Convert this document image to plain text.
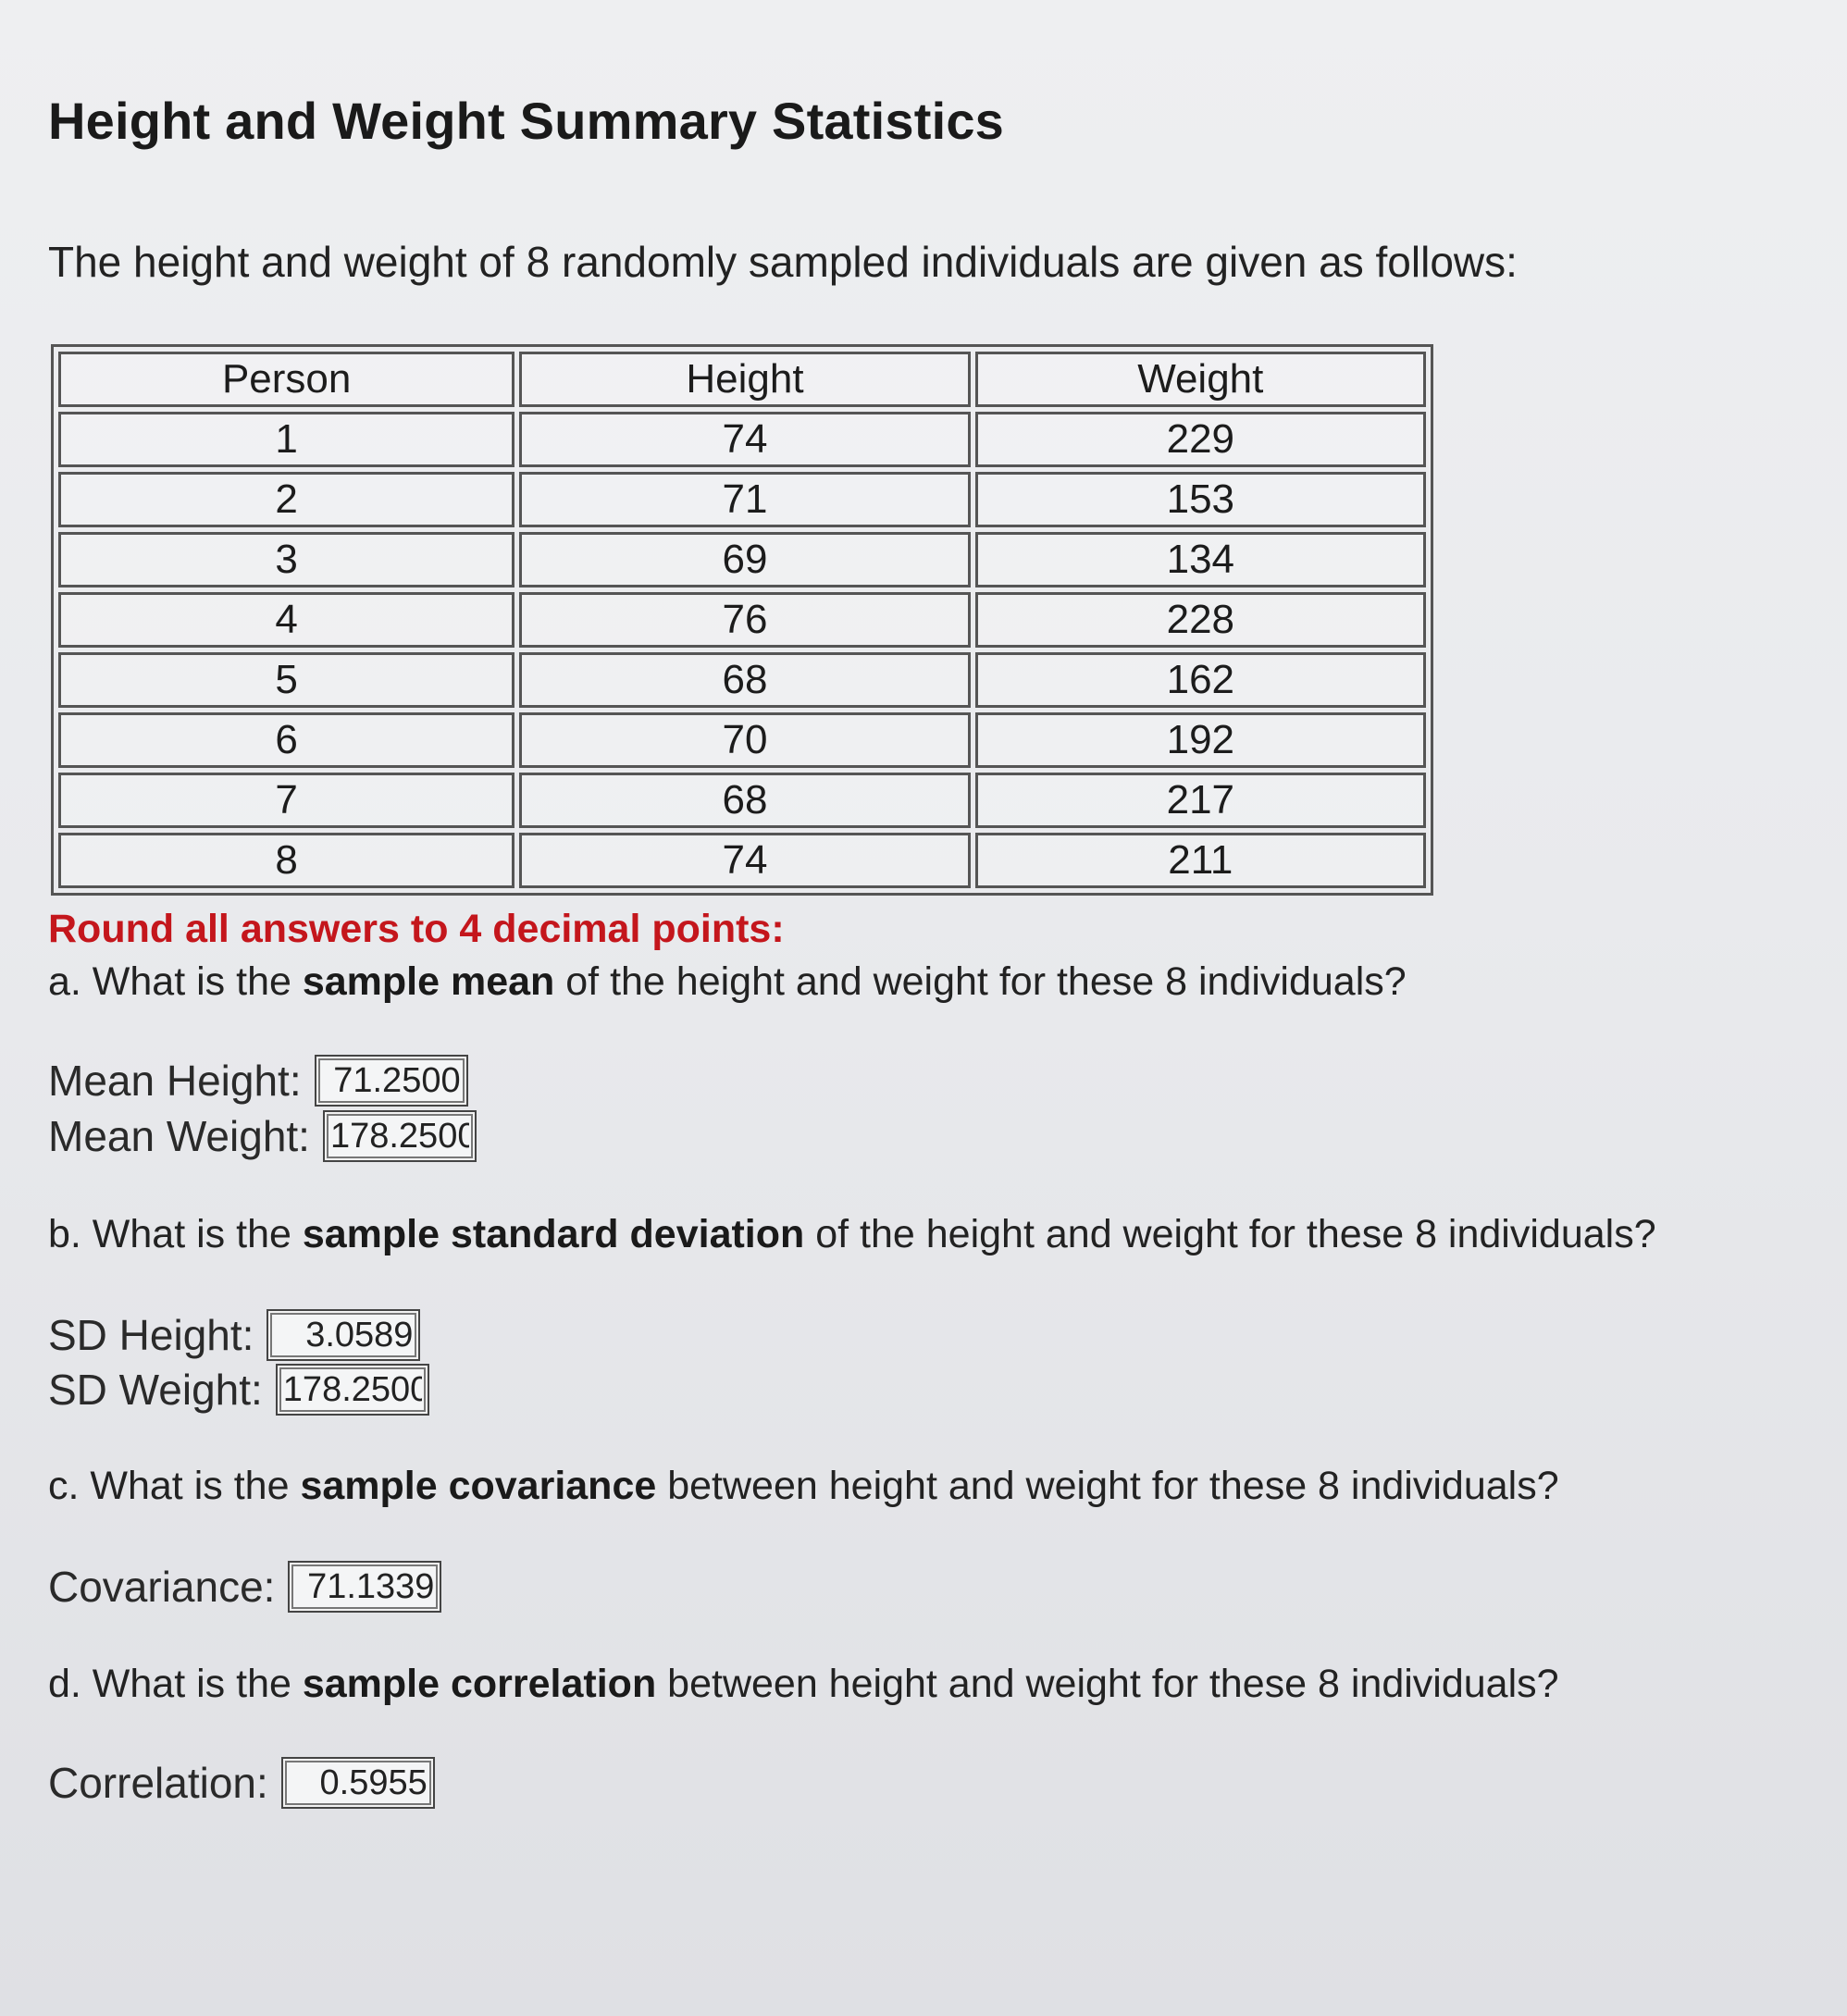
Height and Weight Summary Statistics
The height and weight of 8 randomly sampled individuals are given as follows:
Person	Height	Weight
1	74	229
2	71	153
3	69	134
4	76	228
5	68	162
6	70	192
7	68	217
8	74	211
Round all answers to 4 decimal points:
a. What is the sample mean of the height and weight for these 8 individuals?
Mean Height:
71.2500
Mean Weight:
178.2500
b. What is the sample standard deviation of the height and weight for these 8 individuals?
SD Height:
3.0589
SD Weight:
178.2500
c. What is the sample covariance between height and weight for these 8 individuals?
Covariance:
71.1339
d. What is the sample correlation between height and weight for these 8 individuals?
Correlation:
0.5955
